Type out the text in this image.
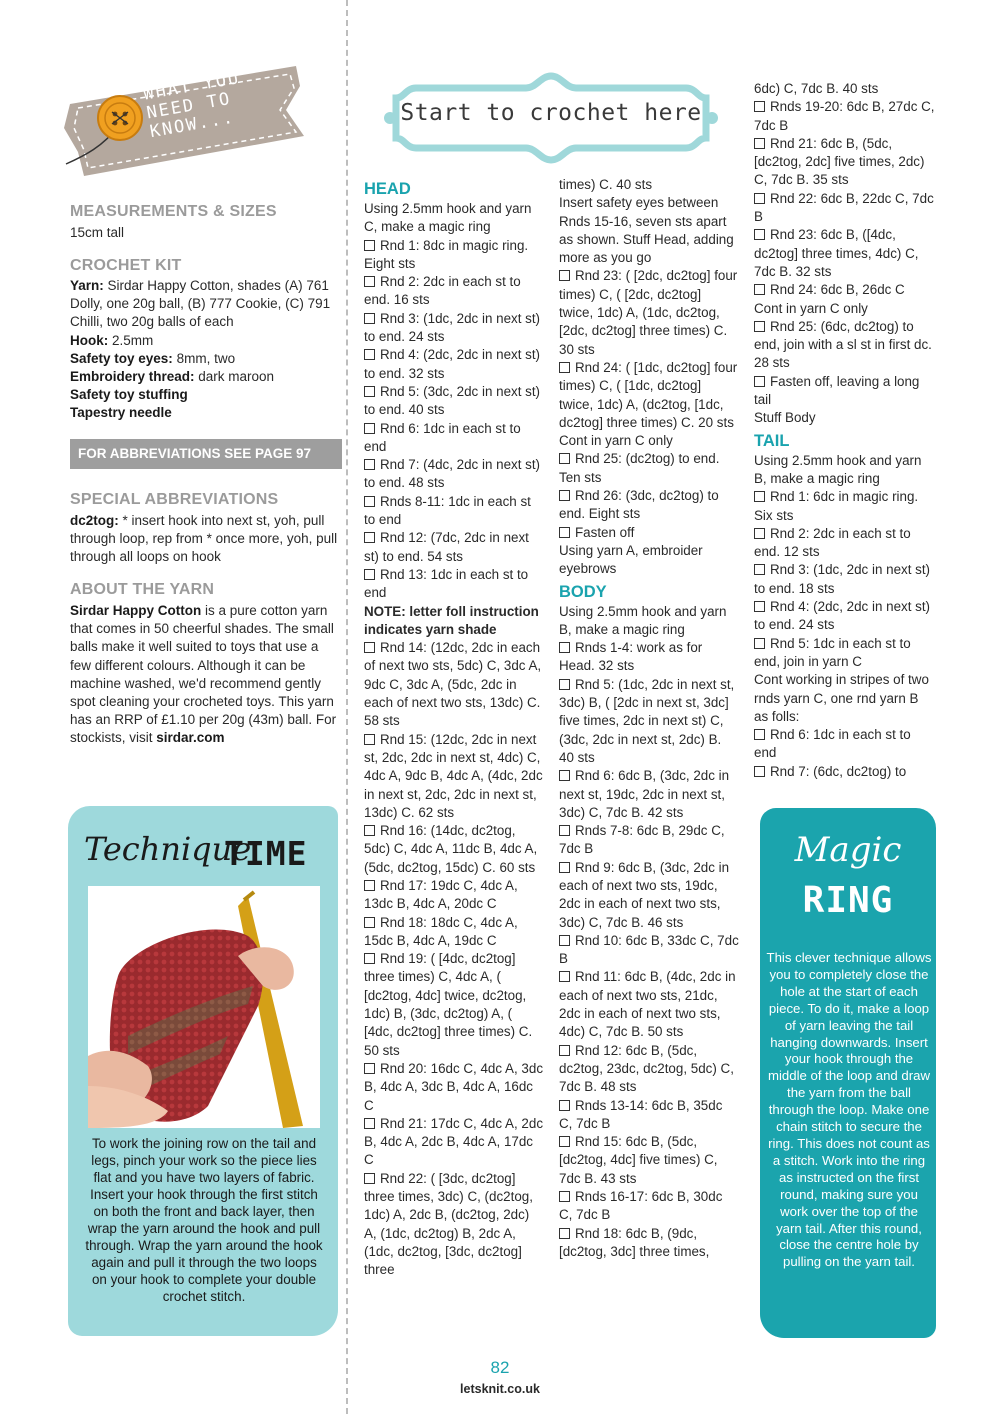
WHAT YOU
NEED TO
KNOW...
MEASUREMENTS & SIZES
15cm tall
CROCHET KIT
Yarn: Sirdar Happy Cotton, shades (A) 761 Dolly, one 20g ball, (B) 777 Cookie, (C) 791 Chilli, two 20g balls of each
Hook: 2.5mm
Safety toy eyes: 8mm, two
Embroidery thread: dark maroon
Safety toy stuffing
Tapestry needle
FOR ABBREVIATIONS SEE PAGE 97
SPECIAL ABBREVIATIONS
dc2tog: * insert hook into next st, yoh, pull through loop, rep from * once more, yoh, pull through all loops on hook
ABOUT THE YARN
Sirdar Happy Cotton is a pure cotton yarn that comes in 50 cheerful shades. The small balls make it well suited to toys that use a few different colours. Although it can be machine washed, we'd recommend gently spot cleaning your crocheted toys. This yarn has an RRP of £1.10 per 20g (43m) ball. For stockists, visit sirdar.com
Technique
TIME
To work the joining row on the tail and legs, pinch your work so the piece lies flat and you have two layers of fabric. Insert your hook through the first stitch on both the front and back layer, then wrap the yarn around the hook and pull through. Wrap the yarn around the hook again and pull it through the two loops on your hook to complete your double crochet stitch.
Start to crochet here
HEAD
Using 2.5mm hook and yarn C, make a magic ring
Rnd 1: 8dc in magic ring. Eight sts
Rnd 2: 2dc in each st to end. 16 sts
Rnd 3: (1dc, 2dc in next st) to end. 24 sts
Rnd 4: (2dc, 2dc in next st) to end. 32 sts
Rnd 5: (3dc, 2dc in next st) to end. 40 sts
Rnd 6: 1dc in each st to end
Rnd 7: (4dc, 2dc in next st) to end. 48 sts
Rnds 8-11: 1dc in each st to end
Rnd 12: (7dc, 2dc in next st) to end. 54 sts
Rnd 13: 1dc in each st to end
NOTE: letter foll instruction indicates yarn shade
Rnd 14: (12dc, 2dc in each of next two sts, 5dc) C, 3dc A, 9dc C, 3dc A, (5dc, 2dc in each of next two sts, 13dc) C. 58 sts
Rnd 15: (12dc, 2dc in next st, 2dc, 2dc in next st, 4dc) C, 4dc A, 9dc B, 4dc A, (4dc, 2dc in next st, 2dc, 2dc in next st, 13dc) C. 62 sts
Rnd 16: (14dc, dc2tog, 5dc) C, 4dc A, 11dc B, 4dc A, (5dc, dc2tog, 15dc) C. 60 sts
Rnd 17: 19dc C, 4dc A, 13dc B, 4dc A, 20dc C
Rnd 18: 18dc C, 4dc A, 15dc B, 4dc A, 19dc C
Rnd 19: ( [4dc, dc2tog] three times) C, 4dc A, ( [dc2tog, 4dc] twice, dc2tog, 1dc) B, (3dc, dc2tog) A, ( [4dc, dc2tog] three times) C. 50 sts
Rnd 20: 16dc C, 4dc A, 3dc B, 4dc A, 3dc B, 4dc A, 16dc C
Rnd 21: 17dc C, 4dc A, 2dc B, 4dc A, 2dc B, 4dc A, 17dc C
Rnd 22: ( [3dc, dc2tog] three times, 3dc) C, (dc2tog, 1dc) A, 2dc B, (dc2tog, 2dc) A, (1dc, dc2tog) B, 2dc A, (1dc, dc2tog, [3dc, dc2tog] three
times) C. 40 sts
Insert safety eyes between Rnds 15-16, seven sts apart as shown. Stuff Head, adding more as you go
Rnd 23: ( [2dc, dc2tog] four times) C, ( [2dc, dc2tog] twice, 1dc) A, (1dc, dc2tog, [2dc, dc2tog] three times) C. 30 sts
Rnd 24: ( [1dc, dc2tog] four times) C, ( [1dc, dc2tog] twice, 1dc) A, (dc2tog, [1dc, dc2tog] three times) C. 20 sts
Cont in yarn C only
Rnd 25: (dc2tog) to end. Ten sts
Rnd 26: (3dc, dc2tog) to end. Eight sts
Fasten off
Using yarn A, embroider eyebrows
BODY
Using 2.5mm hook and yarn B, make a magic ring
Rnds 1-4: work as for Head. 32 sts
Rnd 5: (1dc, 2dc in next st, 3dc) B, ( [2dc in next st, 3dc] five times, 2dc in next st) C, (3dc, 2dc in next st, 2dc) B. 40 sts
Rnd 6: 6dc B, (3dc, 2dc in next st, 19dc, 2dc in next st, 3dc) C, 7dc B. 42 sts
Rnds 7-8: 6dc B, 29dc C, 7dc B
Rnd 9: 6dc B, (3dc, 2dc in each of next two sts, 19dc, 2dc in each of next two sts, 3dc) C, 7dc B. 46 sts
Rnd 10: 6dc B, 33dc C, 7dc B
Rnd 11: 6dc B, (4dc, 2dc in each of next two sts, 21dc, 2dc in each of next two sts, 4dc) C, 7dc B. 50 sts
Rnd 12: 6dc B, (5dc, dc2tog, 23dc, dc2tog, 5dc) C, 7dc B. 48 sts
Rnds 13-14: 6dc B, 35dc C, 7dc B
Rnd 15: 6dc B, (5dc, [dc2tog, 4dc] five times) C, 7dc B. 43 sts
Rnds 16-17: 6dc B, 30dc C, 7dc B
Rnd 18: 6dc B, (9dc, [dc2tog, 3dc] three times,
6dc) C, 7dc B. 40 sts
Rnds 19-20: 6dc B, 27dc C, 7dc B
Rnd 21: 6dc B, (5dc, [dc2tog, 2dc] five times, 2dc) C, 7dc B. 35 sts
Rnd 22: 6dc B, 22dc C, 7dc B
Rnd 23: 6dc B, ([4dc, dc2tog] three times, 4dc) C, 7dc B. 32 sts
Rnd 24: 6dc B, 26dc C
Cont in yarn C only
Rnd 25: (6dc, dc2tog) to end, join with a sl st in first dc. 28 sts
Fasten off, leaving a long tail
Stuff Body
TAIL
Using 2.5mm hook and yarn B, make a magic ring
Rnd 1: 6dc in magic ring. Six sts
Rnd 2: 2dc in each st to end. 12 sts
Rnd 3: (1dc, 2dc in next st) to end. 18 sts
Rnd 4: (2dc, 2dc in next st) to end. 24 sts
Rnd 5: 1dc in each st to end, join in yarn C
Cont working in stripes of two rnds yarn C, one rnd yarn B as folls:
Rnd 6: 1dc in each st to end
Rnd 7: (6dc, dc2tog) to
Magic
RING
This clever technique allows you to completely close the hole at the start of each piece. To do it, make a loop of yarn leaving the tail hanging downwards. Insert your hook through the middle of the loop and draw the yarn from the ball through the loop. Make one chain stitch to secure the ring. This does not count as a stitch. Work into the ring as instructed on the first round, making sure you work over the top of the yarn tail. After this round, close the centre hole by pulling on the yarn tail.
82
letsknit.co.uk
